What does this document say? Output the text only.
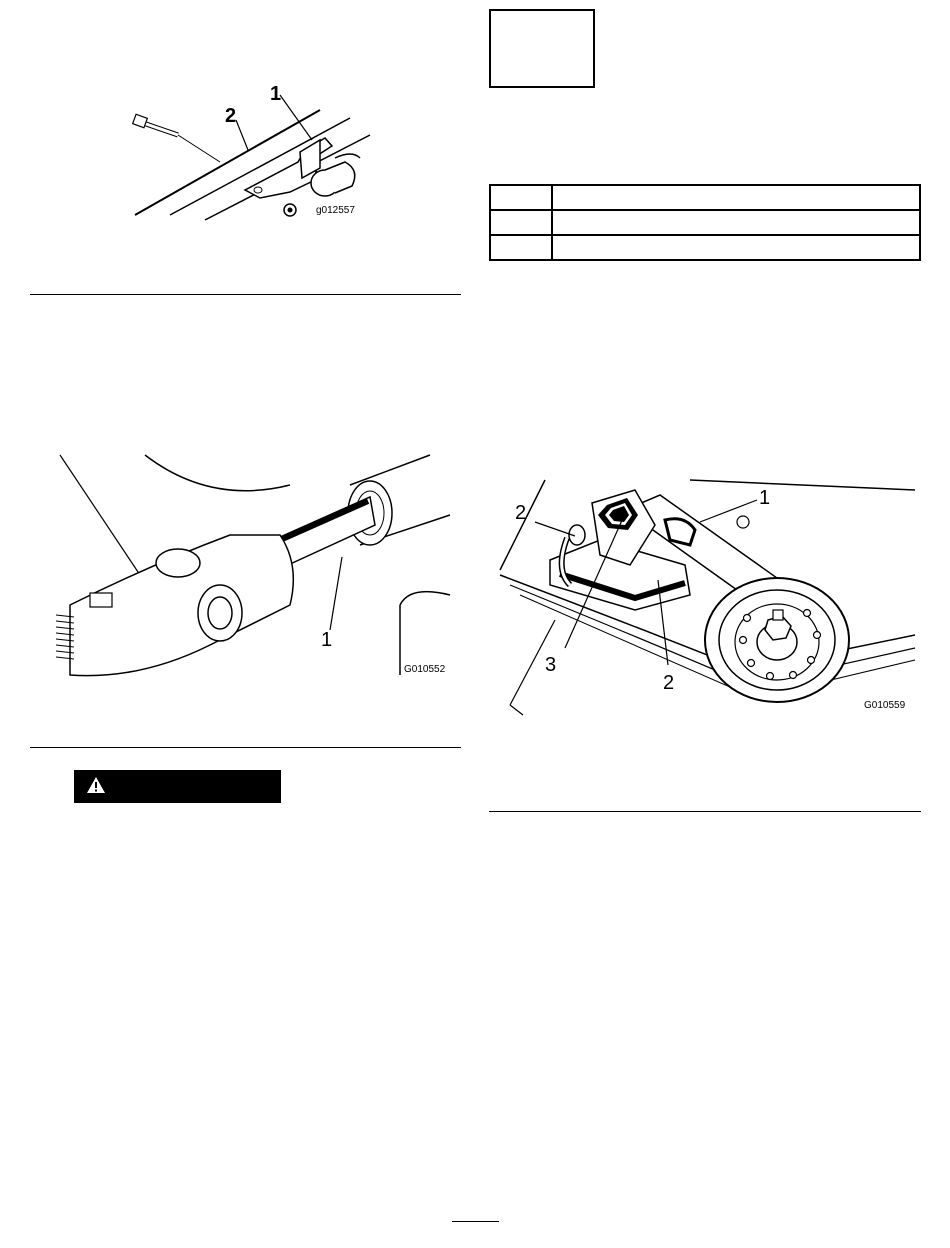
1
2
g012557
1
G010552

1
2
2
3
G010559
